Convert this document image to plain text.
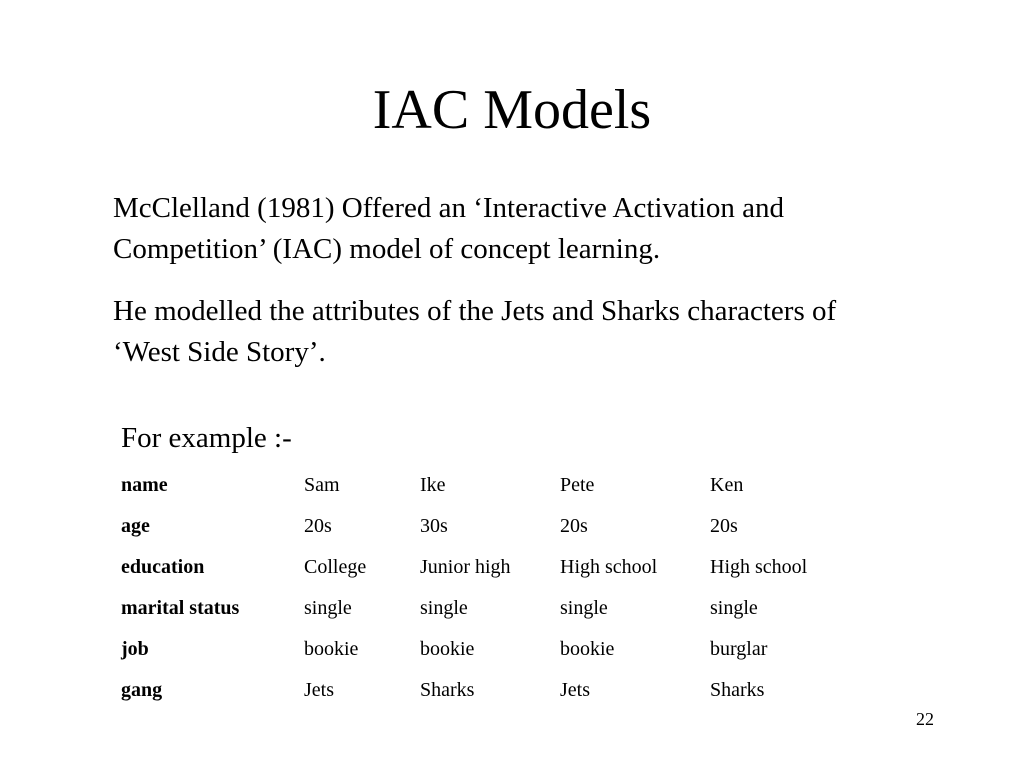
IAC Models

McClelland (1981) Offered an ‘Interactive Activation and Competition’ (IAC) model of concept learning.

He modelled the attributes of the Jets and Sharks characters of ‘West Side Story’.

For example :-

name	Sam	Ike	Pete	Ken
age	20s	30s	20s	20s
education	College	Junior high	High school	High school
marital status	single	single	single	single
job	bookie	bookie	bookie	burglar
gang	Jets	Sharks	Jets	Sharks
22
